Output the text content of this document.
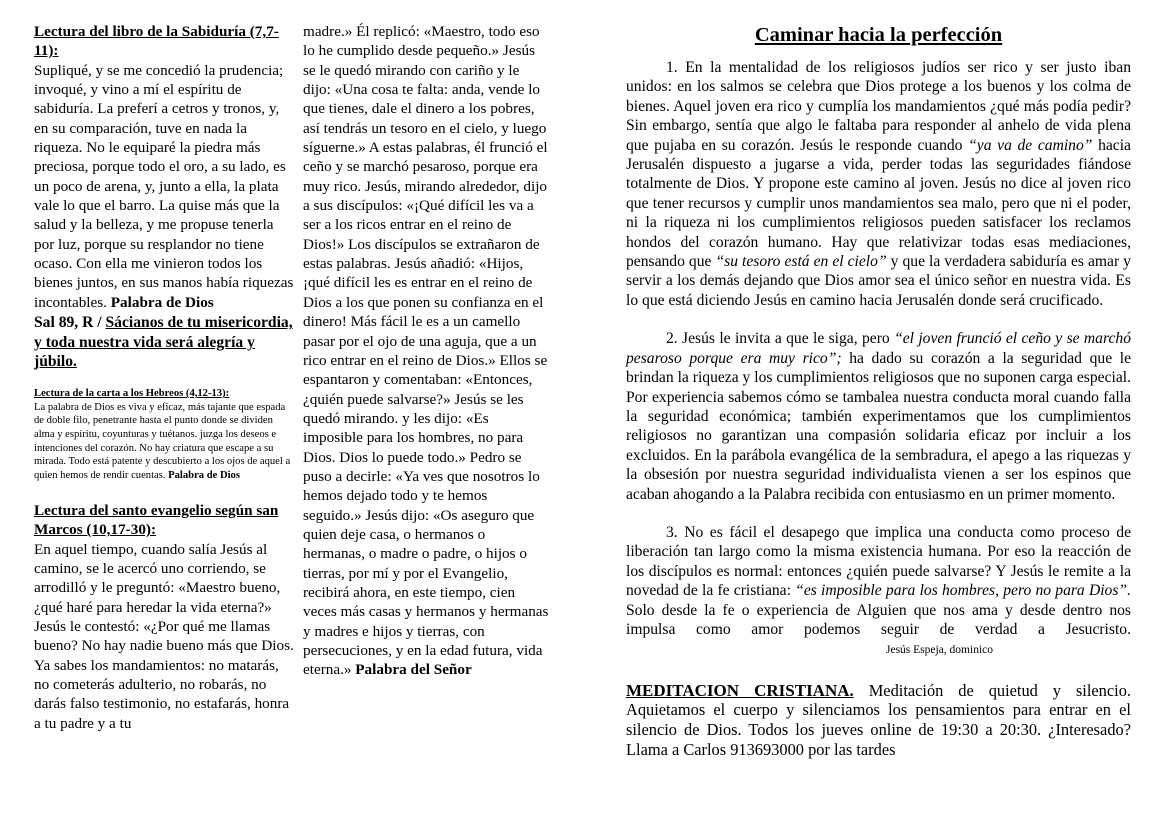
Lectura del libro de la Sabiduría (7,7-11):

Supliqué, y se me concedió la prudencia; invoqué, y vino a mí el espíritu de sabiduría. La preferí a cetros y tronos, y, en su comparación, tuve en nada la riqueza. No le equiparé la piedra más preciosa, porque todo el oro, a su lado, es un poco de arena, y, junto a ella, la plata vale lo que el barro. La quise más que la salud y la belleza, y me propuse tenerla por luz, porque su resplandor no tiene ocaso. Con ella me vinieron todos los bienes juntos, en sus manos había riquezas incontables. Palabra de Dios

Sal 89, R / Sácianos de tu misericordia, y toda nuestra vida será alegría y júbilo.

Lectura de la carta a los Hebreos (4,12-13):
La palabra de Dios es viva y eficaz, más tajante que espada de doble filo, penetrante hasta el punto donde se dividen alma y espíritu, coyunturas y tuétanos. juzga los deseos e intenciones del corazón. No hay criatura que escape a su mirada. Todo está patente y descubierto a los ojos de aquel a quien hemos de rendir cuentas. Palabra de Dios

Lectura del santo evangelio según san Marcos (10,17-30):

En aquel tiempo, cuando salía Jesús al camino, se le acercó uno corriendo, se arrodilló y le preguntó: «Maestro bueno, ¿qué haré para heredar la vida eterna?» Jesús le contestó: «¿Por qué me llamas bueno? No hay nadie bueno más que Dios. Ya sabes los mandamientos: no matarás, no cometerás adulterio, no robarás, no darás falso testimonio, no estafarás, honra a tu padre y a tu

madre.» Él replicó: «Maestro, todo eso lo he cumplido desde pequeño.» Jesús se le quedó mirando con cariño y le dijo: «Una cosa te falta: anda, vende lo que tienes, dale el dinero a los pobres, así tendrás un tesoro en el cielo, y luego síguerne.» A estas palabras, él frunció el ceño y se marchó pesaroso, porque era muy rico. Jesús, mirando alrededor, dijo a sus discípulos: «¡Qué difícil les va a ser a los ricos entrar en el reino de Dios!» Los discípulos se extrañaron de estas palabras. Jesús añadió: «Hijos, ¡qué difícil les es entrar en el reino de Dios a los que ponen su confianza en el dinero! Más fácil le es a un camello pasar por el ojo de una aguja, que a un rico entrar en el reino de Dios.» Ellos se espantaron y comentaban: «Entonces, ¿quién puede salvarse?» Jesús se les quedó mirando. y les dijo: «Es imposible para los hombres, no para Dios. Dios lo puede todo.» Pedro se puso a decirle: «Ya ves que nosotros lo hemos dejado todo y te hemos seguido.» Jesús dijo: «Os aseguro que quien deje casa, o hermanos o hermanas, o madre o padre, o hijos o tierras, por mí y por el Evangelio, recibirá ahora, en este tiempo, cien veces más casas y hermanos y hermanas y madres e hijos y tierras, con persecuciones, y en la edad futura, vida eterna.» Palabra del Señor

Caminar hacia la perfección

1. En la mentalidad de los religiosos judíos ser rico y ser justo iban unidos: en los salmos se celebra que Dios protege a los buenos y los colma de bienes. Aquel joven era rico y cumplía los mandamientos ¿qué más podía pedir? Sin embargo, sentía que algo le faltaba para responder al anhelo de vida plena que pujaba en su corazón. Jesús le responde cuando “ya va de camino” hacia Jerusalén dispuesto a jugarse a vida, perder todas las seguridades fiándose totalmente de Dios. Y propone este camino al joven. Jesús no dice al joven rico que tener recursos y cumplir unos mandamientos sea malo, pero que ni el poder, ni la riqueza ni los cumplimientos religiosos pueden satisfacer los reclamos hondos del corazón humano. Hay que relativizar todas esas mediaciones, pensando que “su tesoro está en el cielo” y que la verdadera sabiduría es amar y servir a los demás dejando que Dios amor sea el único señor en nuestra vida. Es lo que está diciendo Jesús en camino hacia Jerusalén donde será crucificado.

2. Jesús le invita a que le siga, pero “el joven frunció el ceño y se marchó pesaroso porque era muy rico”; ha dado su corazón a la seguridad que le brindan la riqueza y los cumplimientos religiosos que no suponen carga especial. Por experiencia sabemos cómo se tambalea nuestra conducta moral cuando falla la seguridad económica; también experimentamos que los cumplimientos religiosos no garantizan una compasión solidaria eficaz por incluir a los excluidos. En la parábola evangélica de la sembradura, el apego a las riquezas y la obsesión por nuestra seguridad individualista vienen a ser los espinos que acaban ahogando a la Palabra recibida con entusiasmo en un primer momento.

3. No es fácil el desapego que implica una conducta como proceso de liberación tan largo como la misma existencia humana. Por eso la reacción de los discípulos es normal: entonces ¿quién puede salvarse? Y Jesús le remite a la novedad de la fe cristiana: “es imposible para los hombres, pero no para Dios”. Solo desde la fe o experiencia de Alguien que nos ama y desde dentro nos impulsa como amor podemos seguir de verdad a Jesucristo.Jesús Espeja, dominico

MEDITACION CRISTIANA. Meditación de quietud y silencio. Aquietamos el cuerpo y silenciamos los pensamientos para entrar en el silencio de Dios. Todos los jueves online de 19:30 a 20:30. ¿Interesado? Llama a Carlos 913693000 por las tardes
